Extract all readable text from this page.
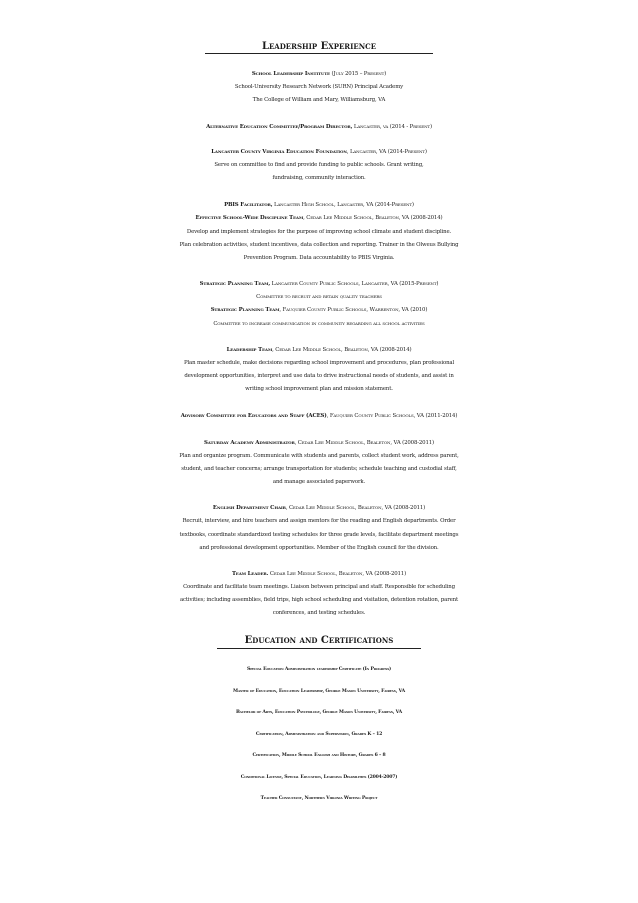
Leadership Experience
School Leadership Institute (July 2015 – Present)
School-University Research Network (SURN) Principal Academy
The College of William and Mary, Williamsburg, VA
Alternative Education Committee/Program Director, Lancaster, va (2014 - Present)
Lancaster County Virginia Education Foundation, Lancaster, VA (2014-Present)
Serve on committee to find and provide funding to public schools. Grant writing,
fundraising, community interaction.
PBIS Facilitator, Lancaster High School, Lancaster, VA (2014-Present)
Effective School-Wide Discipline Team, Cedar Lee Middle School, Bealeton, VA (2008-2014)
Develop and implement strategies for the purpose of improving school climate and student discipline.
Plan celebration activities, student incentives, data collection and reporting. Trainer in the Olweus Bullying
Prevention Program. Data accountability to PBIS Virginia.
Strategic Planning Team, Lancaster County Public Schools, Lancaster, VA (2015-Present)
Committee to recruit and retain quality teachers
Strategic Planning Team, Fauquier County Public Schools, Warrenton, VA (2010)
Committee to increase communication in community regarding all school activities
Leadership Team, Cedar Lee Middle School, Bealeton, VA (2008-2014)
Plan master schedule, make decisions regarding school improvement and procedures, plan professional
development opportunities, interpret and use data to drive instructional needs of students, and assist in
writing school improvement plan and mission statement.
Advisory Committee for Educators and Staff (ACES), Fauquier County Public Schools, VA (2011-2014)
Saturday Academy Administrator, Cedar Lee Middle School, Bealeton, VA (2008-2011)
Plan and organize program. Communicate with students and parents, collect student work, address parent,
student, and teacher concerns; arrange transportation for students; schedule teaching and custodial staff,
and manage associated paperwork.
English Department Chair, Cedar Lee Middle School, Bealeton, VA (2008-2011)
Recruit, interview, and hire teachers and assign mentors for the reading and English departments. Order
textbooks, coordinate standardized testing schedules for three grade levels, facilitate department meetings
and professional development opportunities. Member of the English council for the division.
Team Leader. Cedar Lee Middle School, Bealeton, VA (2008-2011)
Coordinate and facilitate team meetings. Liaison between principal and staff. Responsible for scheduling
activities; including assemblies, field trips, high school scheduling and visitation, detention rotation, parent
conferences, and testing schedules.
Education and Certifications
Special Education Administration leadership Certificate (In Progress)
Master of Education, Education Leadership, George Mason University, Fairfax, VA
Bachelor of Arts, Education Psychology, George Mason University, Fairfax, VA
Certification, Administration and Supervision, Grades K – 12
Certification, Middle School English and History, Grades 6 – 8
Conditional License, Special Education, Learning Disabilities (2004-2007)
Teacher Consultant, Northern Virginia Writing Project
